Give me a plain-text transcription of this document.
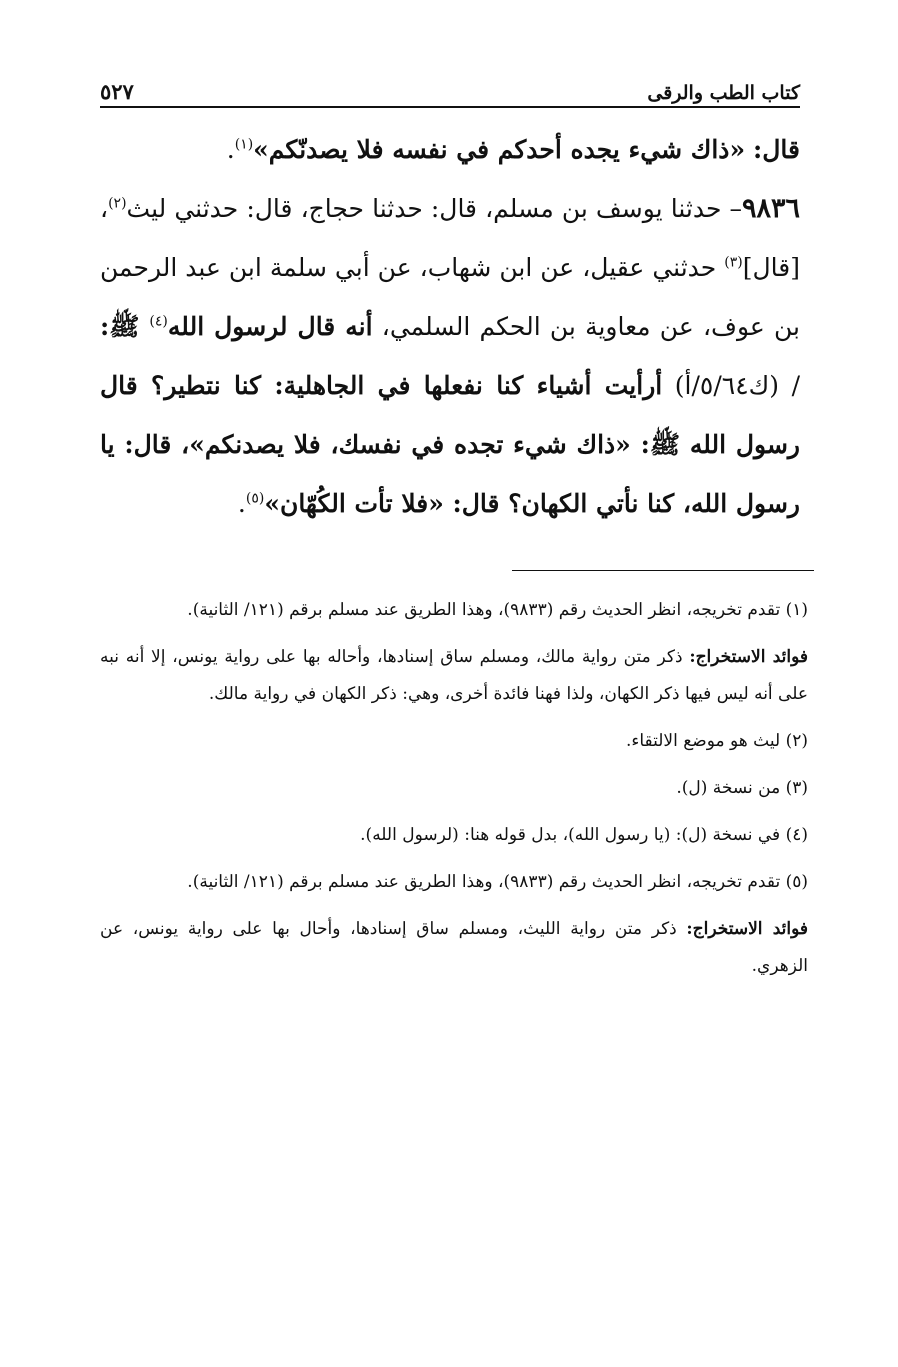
كتاب الطب والرقى
٥٢٧

قال: «ذاك شيء يجده أحدكم في نفسه فلا يصدنّكم»$^{(١)}$.

٩٨٣٦– حدثنا يوسف بن مسلم، قال: حدثنا حجاج، قال: حدثني ليث$^{(٢)}$، [قال]$^{(٣)}$ حدثني عقيل، عن ابن شهاب، عن أبي سلمة ابن عبد الرحمن بن عوف، عن معاوية بن الحكم السلمي، أنه قال لرسول الله$^{(٤)}$ ﷺ: / (ك٥/٦٤/أ) أرأيت أشياء كنا نفعلها في الجاهلية: كنا نتطير؟ قال رسول الله ﷺ: «ذاك شيء تجده في نفسك، فلا يصدنكم»، قال: يا رسول الله، كنا نأتي الكهان؟ قال: «فلا تأت الكُهّان»$^{(٥)}$.

(١) تقدم تخريجه، انظر الحديث رقم (٩٨٣٣)، وهذا الطريق عند مسلم برقم (١٢١/ الثانية).

فوائد الاستخراج: ذكر متن رواية مالك، ومسلم ساق إسنادها، وأحاله بها على رواية يونس، إلا أنه نبه على أنه ليس فيها ذكر الكهان، ولذا فهنا فائدة أخرى، وهي: ذكر الكهان في رواية مالك.

(٢) ليث هو موضع الالتقاء.

(٣) من نسخة (ل).

(٤) في نسخة (ل): (يا رسول الله)، بدل قوله هنا: (لرسول الله).

(٥) تقدم تخريجه، انظر الحديث رقم (٩٨٣٣)، وهذا الطريق عند مسلم برقم (١٢١/ الثانية).

فوائد الاستخراج: ذكر متن رواية الليث، ومسلم ساق إسنادها، وأحال بها على رواية يونس، عن الزهري.
